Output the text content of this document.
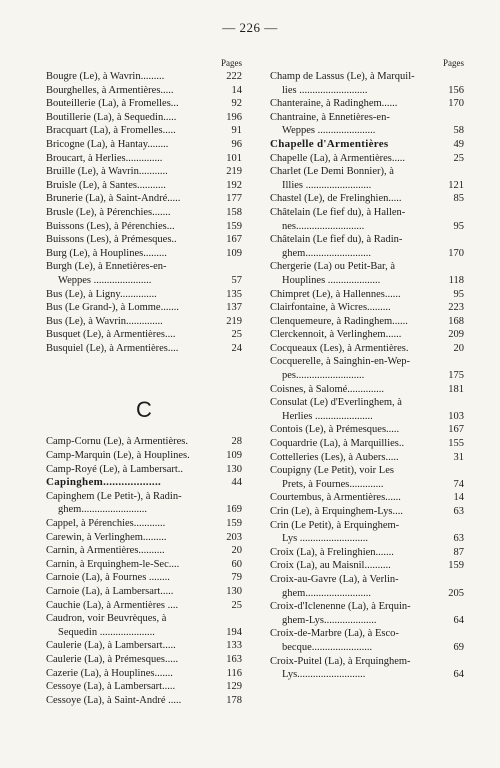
— 226 —
Pages
Bougre (Le), à Wavrin.........	222
Bourghelles, à Armentières.....	14
Bouteillerie (La), à Fromelles...	92
Boutillerie (La), à Sequedin.....	196
Bracquart (La), à Fromelles.....	91
Bricogne (La), à Hantay........	96
Broucart, à Herlies..............	101
Bruille (Le), à Wavrin...........	219
Bruisle (Le), à Santes...........	192
Brunerie (La), à Saint-André.....	177
Brusle (Le), à Pérenchies.......	158
Buissons (Les), à Pérenchies...	159
Buissons (Les), à Prémesques..	167
Burg (Le), à Houplines.........	109
Burgh (Le), à Ennetières-en-
Weppes ......................	57
Bus (Le), à Ligny..............	135
Bus (Le Grand-), à Lomme.......	137
Bus (Le), à Wavrin..............	219
Busquet (Le), à Armentières....	25
Busquiel (Le), à Armentières....	24
C
Camp-Cornu (Le), à Armentières.	28
Camp-Marquin (Le), à Houplines.	109
Camp-Royé (Le), à Lambersart..	130
Capinghem...................	44
Capinghem (Le Petit-), à Radin-
ghem.........................	169
Cappel, à Pérenchies............	159
Carewin, à Verlinghem.........	203
Carnin, à Armentières..........	20
Carnin, à Erquinghem-le-Sec....	60
Carnoie (La), à Fournes ........	79
Carnoie (La), à Lambersart.....	130
Cauchie (La), à Armentières ....	25
Caudron, voir Beuvrèques, à
Sequedin .....................	194
Caulerie (La), à Lambersart.....	133
Caulerie (La), à Prémesques.....	163
Cazerie (La), à Houplines.......	116
Cessoye (La), à Lambersart.....	129
Cessoye (La), à Saint-André .....	178
Pages
Champ de Lassus (Le), à Marquil-
lies ..........................	156
Chanteraine, à Radinghem......	170
Chantraine, à Ennetières-en-
Weppes ......................	58
Chapelle d'Armentières	49
Chapelle (La), à Armentières.....	25
Charlet (Le Demi Bonnier), à
Illies .........................	121
Chastel (Le), de Frelinghien.....	85
Châtelain (Le fief du), à Hallen-
nes..........................	95
Châtelain (Le fief du), à Radin-
ghem.........................	170
Chergerie (La) ou Petit-Bar, à
Houplines ....................	118
Chimpret (Le), à Hallennes......	95
Clairfontaine, à Wicres.........	223
Clenquemeure, à Radinghem......	168
Clerckennoit, à Verlinghem......	209
Cocqueaux (Les), à Armentières.	20
Cocquerelle, à Sainghin-en-Wep-
pes..........................	175
Coisnes, à Salomé..............	181
Consulat (Le) d'Everlinghem, à
Herlies ......................	103
Contois (Le), à Prémesques.....	167
Coquardrie (La), à Marquillies..	155
Cottelleries (Les), à Aubers.....	31
Coupigny (Le Petit), voir Les
Prets, à Fournes.............	74
Courtembus, à Armentières......	14
Crin (Le), à Erquinghem-Lys....	63
Crin (Le Petit), à Erquinghem-
Lys ..........................	63
Croix (La), à Frelinghien.......	87
Croix (La), au Maisnil..........	159
Croix-au-Gavre (La), à Verlin-
ghem.........................	205
Croix-d'Iclenenne (La), à Erquin-
ghem-Lys....................	64
Croix-de-Marbre (La), à Esco-
becque.......................	69
Croix-Puitel (La), à Erquinghem-
Lys..........................	64
